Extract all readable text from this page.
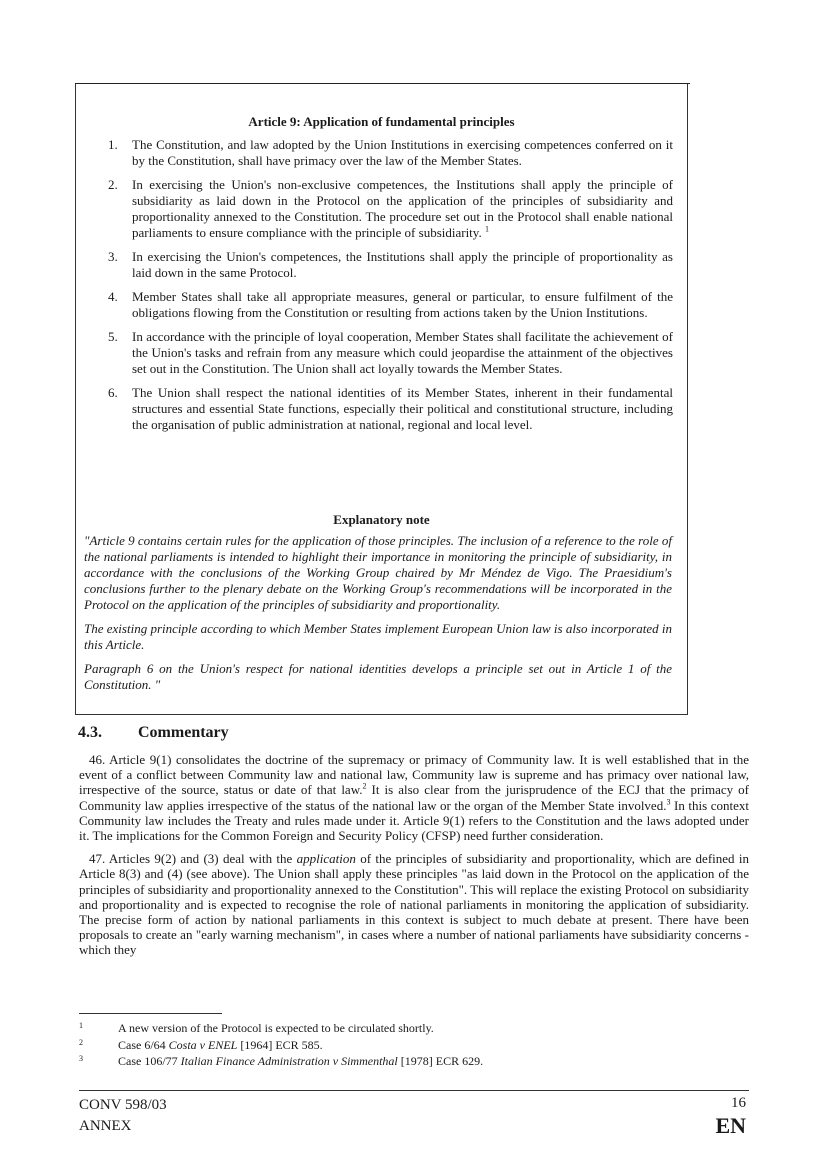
Article 9: Application of fundamental principles
1. The Constitution, and law adopted by the Union Institutions in exercising competences conferred on it by the Constitution, shall have primacy over the law of the Member States.
2. In exercising the Union's non-exclusive competences, the Institutions shall apply the principle of subsidiarity as laid down in the Protocol on the application of the principles of subsidiarity and proportionality annexed to the Constitution. The procedure set out in the Protocol shall enable national parliaments to ensure compliance with the principle of subsidiarity. $^1$
3. In exercising the Union's competences, the Institutions shall apply the principle of proportionality as laid down in the same Protocol.
4. Member States shall take all appropriate measures, general or particular, to ensure fulfilment of the obligations flowing from the Constitution or resulting from actions taken by the Union Institutions.
5. In accordance with the principle of loyal cooperation, Member States shall facilitate the achievement of the Union's tasks and refrain from any measure which could jeopardise the attainment of the objectives set out in the Constitution. The Union shall act loyally towards the Member States.
6. The Union shall respect the national identities of its Member States, inherent in their fundamental structures and essential State functions, especially their political and constitutional structure, including the organisation of public administration at national, regional and local level.
Explanatory note

"Article 9 contains certain rules for the application of those principles. The inclusion of a reference to the role of the national parliaments is intended to highlight their importance in monitoring the principle of subsidiarity, in accordance with the conclusions of the Working Group chaired by Mr Méndez de Vigo. The Praesidium's conclusions further to the plenary debate on the Working Group's recommendations will be incorporated in the Protocol on the application of the principles of subsidiarity and proportionality.

The existing principle according to which Member States implement European Union law is also incorporated in this Article.

Paragraph 6 on the Union's respect for national identities develops a principle set out in Article 1 of the Constitution. "

4.3. Commentary

46. Article 9(1) consolidates the doctrine of the supremacy or primacy of Community law. It is well established that in the event of a conflict between Community law and national law, Community law is supreme and has primacy over national law, irrespective of the source, status or date of that law.$^2$ It is also clear from the jurisprudence of the ECJ that the primacy of Community law applies irrespective of the status of the national law or the organ of the Member State involved.$^3$ In this context Community law includes the Treaty and rules made under it. Article 9(1) refers to the Constitution and the laws adopted under it. The implications for the Common Foreign and Security Policy (CFSP) need further consideration.

47. Articles 9(2) and (3) deal with the application of the principles of subsidiarity and proportionality, which are defined in Article 8(3) and (4) (see above). The Union shall apply these principles "as laid down in the Protocol on the application of the principles of subsidiarity and proportionality annexed to the Constitution". This will replace the existing Protocol on subsidiarity and proportionality and is expected to recognise the role of national parliaments in monitoring the application of subsidiarity. The precise form of action by national parliaments in this context is subject to much debate at present. There have been proposals to create an "early warning mechanism", in cases where a number of national parliaments have subsidiarity concerns - which they

1	A new version of the Protocol is expected to be circulated shortly.
2	Case 6/64 Costa v ENEL [1964] ECR 585.
3	Case 106/77 Italian Finance Administration v Simmenthal [1978] ECR 629.
CONV 598/03
ANNEX
16
EN
